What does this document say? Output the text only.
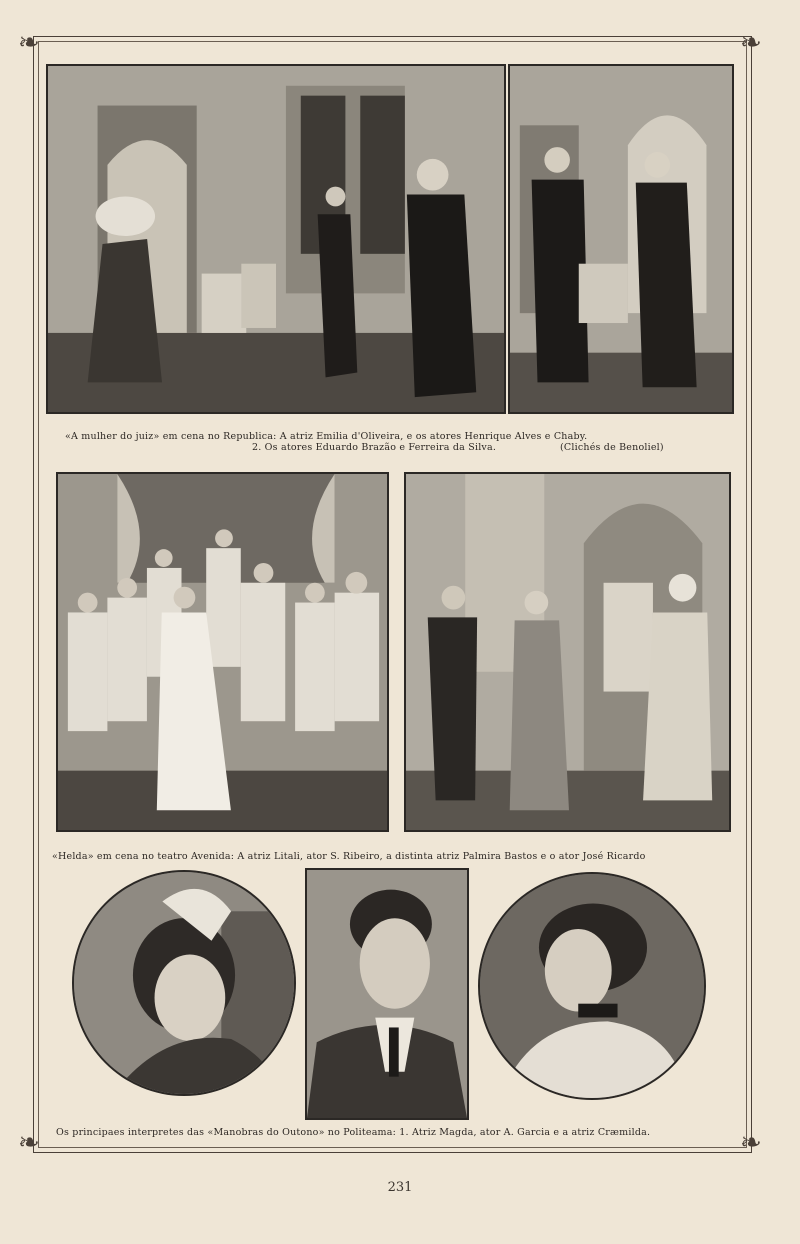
❧	❧
❧	❧
«A mulher do juiz» em cena no Republica: A atriz Emilia d'Oliveira, e os atores Henrique Alves e Chaby.
2. Os atores Eduardo Brazão e Ferreira da Silva.	(Clichés de Benoliel)
«Helda» em cena no teatro Avenida: A atriz Litali, ator S. Ribeiro, a distinta atriz Palmira Bastos e o ator José Ricardo
Os principaes interpretes das «Manobras do Outono» no Politeama: 1. Atriz Magda, ator A. Garcia e a atriz Cræmilda.
231
